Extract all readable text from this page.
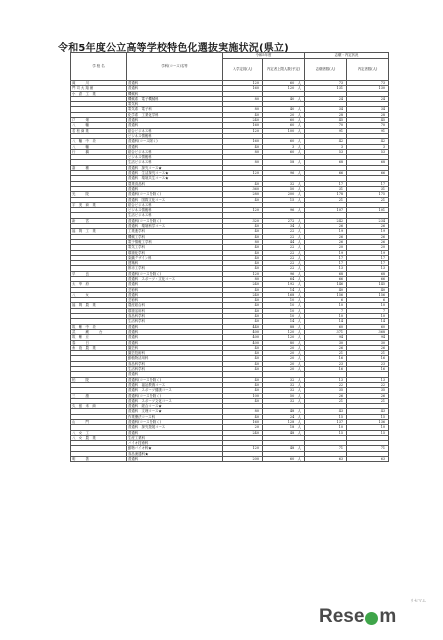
令和5年度公立高等学校特色化選抜実施状況(県立)
学 校 名	学科(コース)名等	令和5年度		志願・内定状況	
		入学定員(人)	内定者上限人数(予定)	志願者数(人)	内定者数(人)
滝　　　川	普通科	120	60　人	73	73
門 司 大 翔 館	普通科	160	120　人	131	130
小　倉　工　業	機械科				
	機械系　電子機械科	80	40　人	24	24
	電気科				
	電気系　電子科	80	40　人	34	34
	化学系　工業化学科	40	20　人	28	28
戸　　　畑	普通科	240	60　人	45	45
八　　　幡	普通科	160	60　人	70	70
若 松 商 業	総合ビジネス科	120	100　人	91	91
	ビジネス情報科				
八　幡　中　央	普通科(コース除く)	160	60　人	42	42
八　　　幡	普通科	40	3　人	3	3
行　　　橋	総合ビジネス科	80	60　人	53	53
	ビジネス情報科				
	生活ビジネス科	80	58　人	68	68
嘉　　　穂	普通科　探究コース★				
	普通科　生活探究コース★	120	96　人	66	66
	普通科　環境共生コース★				
	農業食品科	40	32　人	17	17
	普通科	360	50　人	31	31
光　　　陵	普通科(コースを除く)	280	200　人	178	175
	普通科　国際文化コース	40	15　人	21	21
宇　美　商　業	総合ビジネス科				
	ビジネス情報科	120	96　人	107	101
	生活ビジネス科				
新　　　宮	普通科(コースを除く)	320	272　人	242	234
	普通科　環境科学コース	40	34　人	26	26
福　岡　工　業	工業進学科	40	22　人	19	19
	機械工学科	40	22　人	26	26
	電子情報工学科	80	44　人	26	26
	電気工学科	40	22　人	20	20
	環境化学科	40	22　人	19	19
	染織デザイン科	40	22　人	17	17
	建築科	40	22　人	17	17
	都市工学科	40	22　人	13	13
早　　　良	普通科(コースを除く)	120	96　人	68	68
	普通科　スポーツ・文化コース	80	64　人	66	66
太　宰　府	普通科	240	192　人	146	145
	芸術科	40	14　人	40	40
八　　　女	普通科	240	168　人	156	156
	芸術科	40	10　人	6	6
福　岡　農　業	農産総合科	40	10　人	10	10
	環境活用科	40	10　人	7	7
	食品科学科	40	10　人	10	10
	生活科学科	40	14　人	14	14
筑　紫　中　央	普通科	440	88　人	60	60
武　　　蔵　　　台	普通科	400	120　人	371	368
筑　紫　丘	普通科	400	120　人	94	94
春　　　日	普通科	400	80　人	30	30
糸　島　農　業	園芸科	40	20　人	26	26
	園芸技術科	40	20　人	21	21
	動植物活用科	40	20　人	16	16
	食品科学科	40	20　人	23	23
	生活科学科	40	20　人	16	16
	普通科				
柏　　　陵	普通科(コースを除く)	40	32　人	13	13
	普通科　福祉教養コース	40	32　人	22	22
	普通科　スポーツ健康コース	40	32　人	35	35
三　　　潴	普通科(コースを除く)	100	50　人	26	26
	普通科　スポーツ文化コース	40	32　人	21	21
久　留　米　商	普通科　総合コース★				
	普通科　文理コース★	80	48　人	43	43
	作業療法コース科	40	24　人	15	15
山　　　門	普通科(コースを除く)	160	128　人	137	136
	普通科　探究発展コース	20	18　人	10	10
八　女　工	普通科	240	48　人	15	15
八　女　農　業	生産工業科				
	バイオ技術科				
	動物バイオ科★	120	48　人	71	71
	食品流通科★				
明　　　善	普通科	200	60　人	63	63
リセマム
Rese m
